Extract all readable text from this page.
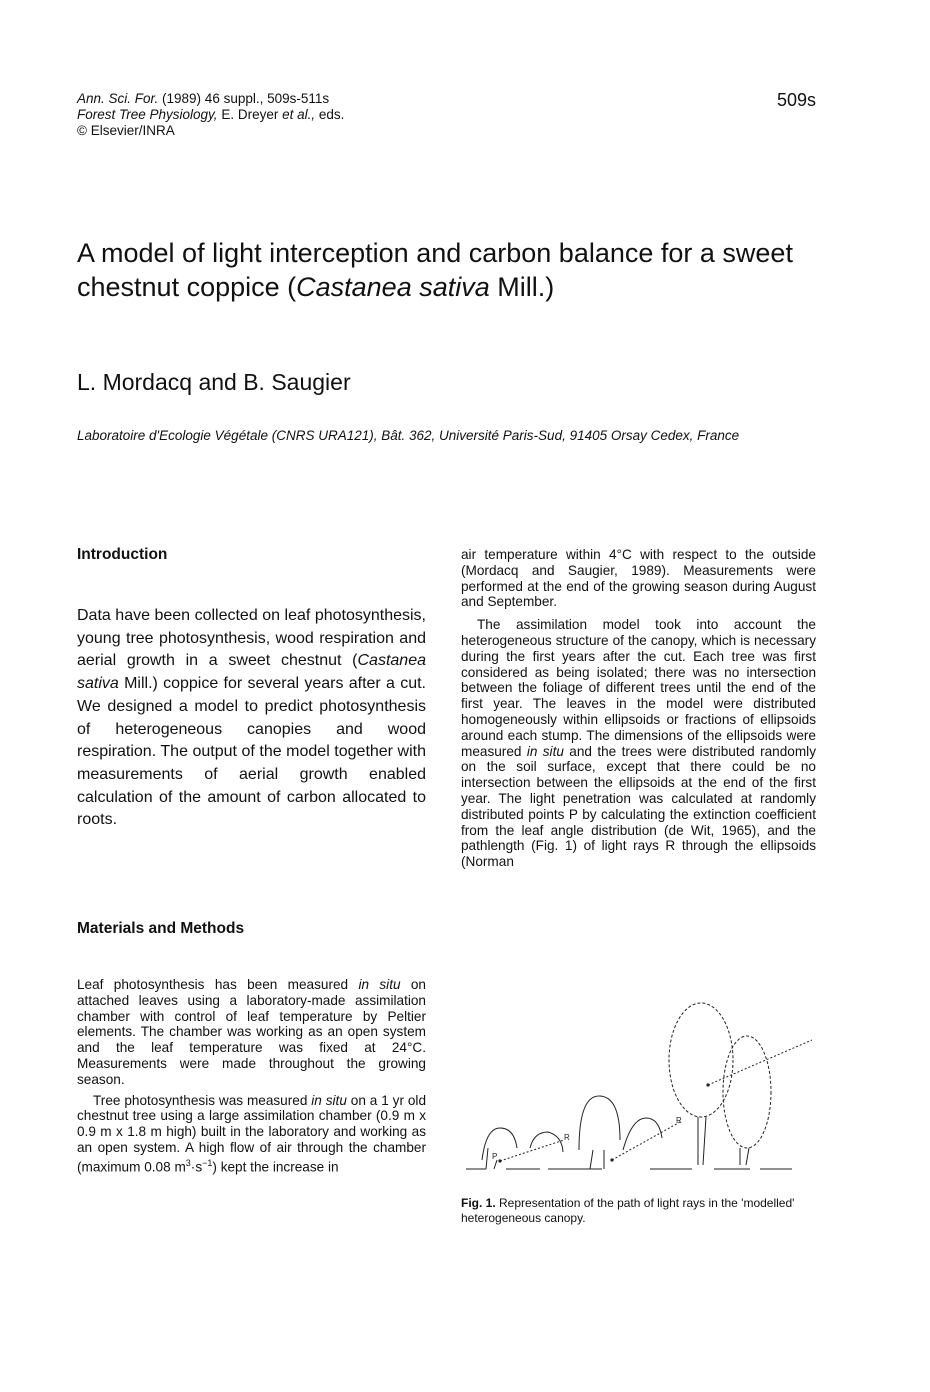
Ann. Sci. For. (1989) 46 suppl., 509s-511s
Forest Tree Physiology, E. Dreyer et al., eds.
© Elsevier/INRA
509s
A model of light interception and carbon balance for a sweet chestnut coppice (Castanea sativa Mill.)
L. Mordacq and B. Saugier
Laboratoire d'Ecologie Végétale (CNRS URA121), Bât. 362, Université Paris-Sud, 91405 Orsay Cedex, France
Introduction
Data have been collected on leaf photosynthesis, young tree photosynthesis, wood respiration and aerial growth in a sweet chestnut (Castanea sativa Mill.) coppice for several years after a cut. We designed a model to predict photosynthesis of heterogeneous canopies and wood respiration. The output of the model together with measurements of aerial growth enabled calculation of the amount of carbon allocated to roots.
Materials and Methods

Leaf photosynthesis has been measured in situ on attached leaves using a laboratory-made assimilation chamber with control of leaf temperature by Peltier elements. The chamber was working as an open system and the leaf temperature was fixed at 24°C. Measurements were made throughout the growing season.

Tree photosynthesis was measured in situ on a 1 yr old chestnut tree using a large assimilation chamber (0.9 m x 0.9 m x 1.8 m high) built in the laboratory and working as an open system. A high flow of air through the chamber (maximum 0.08 $m^3\cdot s^{-1}$) kept the increase in

air temperature within 4°C with respect to the outside (Mordacq and Saugier, 1989). Measurements were performed at the end of the growing season during August and September.

The assimilation model took into account the heterogeneous structure of the canopy, which is necessary during the first years after the cut. Each tree was first considered as being isolated; there was no intersection between the foliage of different trees until the end of the first year. The leaves in the model were distributed homogeneously within ellipsoids or fractions of ellipsoids around each stump. The dimensions of the ellipsoids were measured in situ and the trees were distributed randomly on the soil surface, except that there could be no intersection between the ellipsoids at the end of the first year. The light penetration was calculated at randomly distributed points P by calculating the extinction coefficient from the leaf angle distribution (de Wit, 1965), and the pathlength (Fig. 1) of light rays R through the ellipsoids (Norman

P
R
R
Fig. 1. Representation of the path of light rays in the 'modelled' heterogeneous canopy.
